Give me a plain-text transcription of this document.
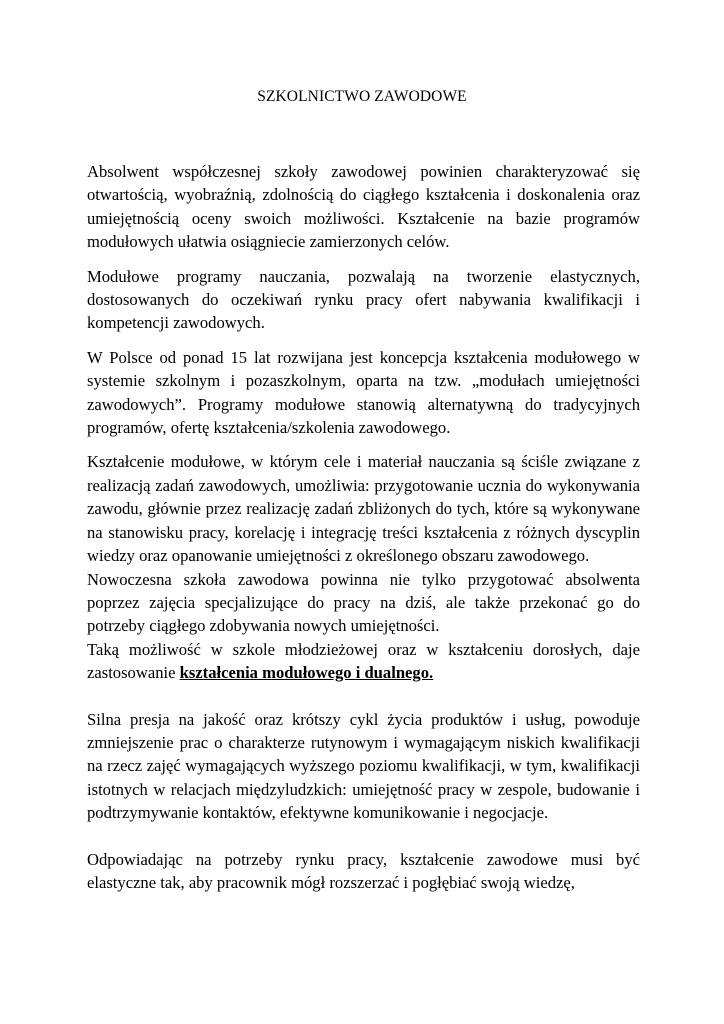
SZKOLNICTWO ZAWODOWE

Absolwent współczesnej szkoły zawodowej powinien charakteryzować się otwartością, wyobraźnią, zdolnością do ciągłego kształcenia i doskonalenia oraz umiejętnością oceny swoich możliwości. Kształcenie na bazie programów modułowych ułatwia osiągniecie zamierzonych celów.

Modułowe programy nauczania, pozwalają na tworzenie elastycznych, dostosowanych do oczekiwań rynku pracy ofert nabywania kwalifikacji i kompetencji zawodowych.

W Polsce od ponad 15 lat rozwijana jest koncepcja kształcenia modułowego w systemie szkolnym i pozaszkolnym, oparta na tzw. „modułach umiejętności zawodowych”. Programy modułowe stanowią alternatywną do tradycyjnych programów, ofertę kształcenia/szkolenia zawodowego.

Kształcenie modułowe, w którym cele i materiał nauczania są ściśle związane z realizacją zadań zawodowych, umożliwia: przygotowanie ucznia do wykonywania zawodu, głównie przez realizację zadań zbliżonych do tych, które są wykonywane na stanowisku pracy, korelację i integrację treści kształcenia z różnych dyscyplin wiedzy oraz opanowanie umiejętności z określonego obszaru zawodowego.

Nowoczesna szkoła zawodowa powinna nie tylko przygotować absolwenta poprzez zajęcia specjalizujące do pracy na dziś, ale także przekonać go do potrzeby ciągłego zdobywania nowych umiejętności.

Taką możliwość w szkole młodzieżowej oraz w kształceniu dorosłych, daje zastosowanie kształcenia modułowego i dualnego.

Silna presja na jakość oraz krótszy cykl życia produktów i usług, powoduje zmniejszenie prac o charakterze rutynowym i wymagającym niskich kwalifikacji na rzecz zajęć wymagających wyższego poziomu kwalifikacji, w tym, kwalifikacji istotnych w relacjach międzyludzkich: umiejętność pracy w zespole, budowanie i podtrzymywanie kontaktów, efektywne komunikowanie i negocjacje.

Odpowiadając na potrzeby rynku pracy, kształcenie zawodowe musi być elastyczne tak, aby pracownik mógł rozszerzać i pogłębiać swoją wiedzę,
